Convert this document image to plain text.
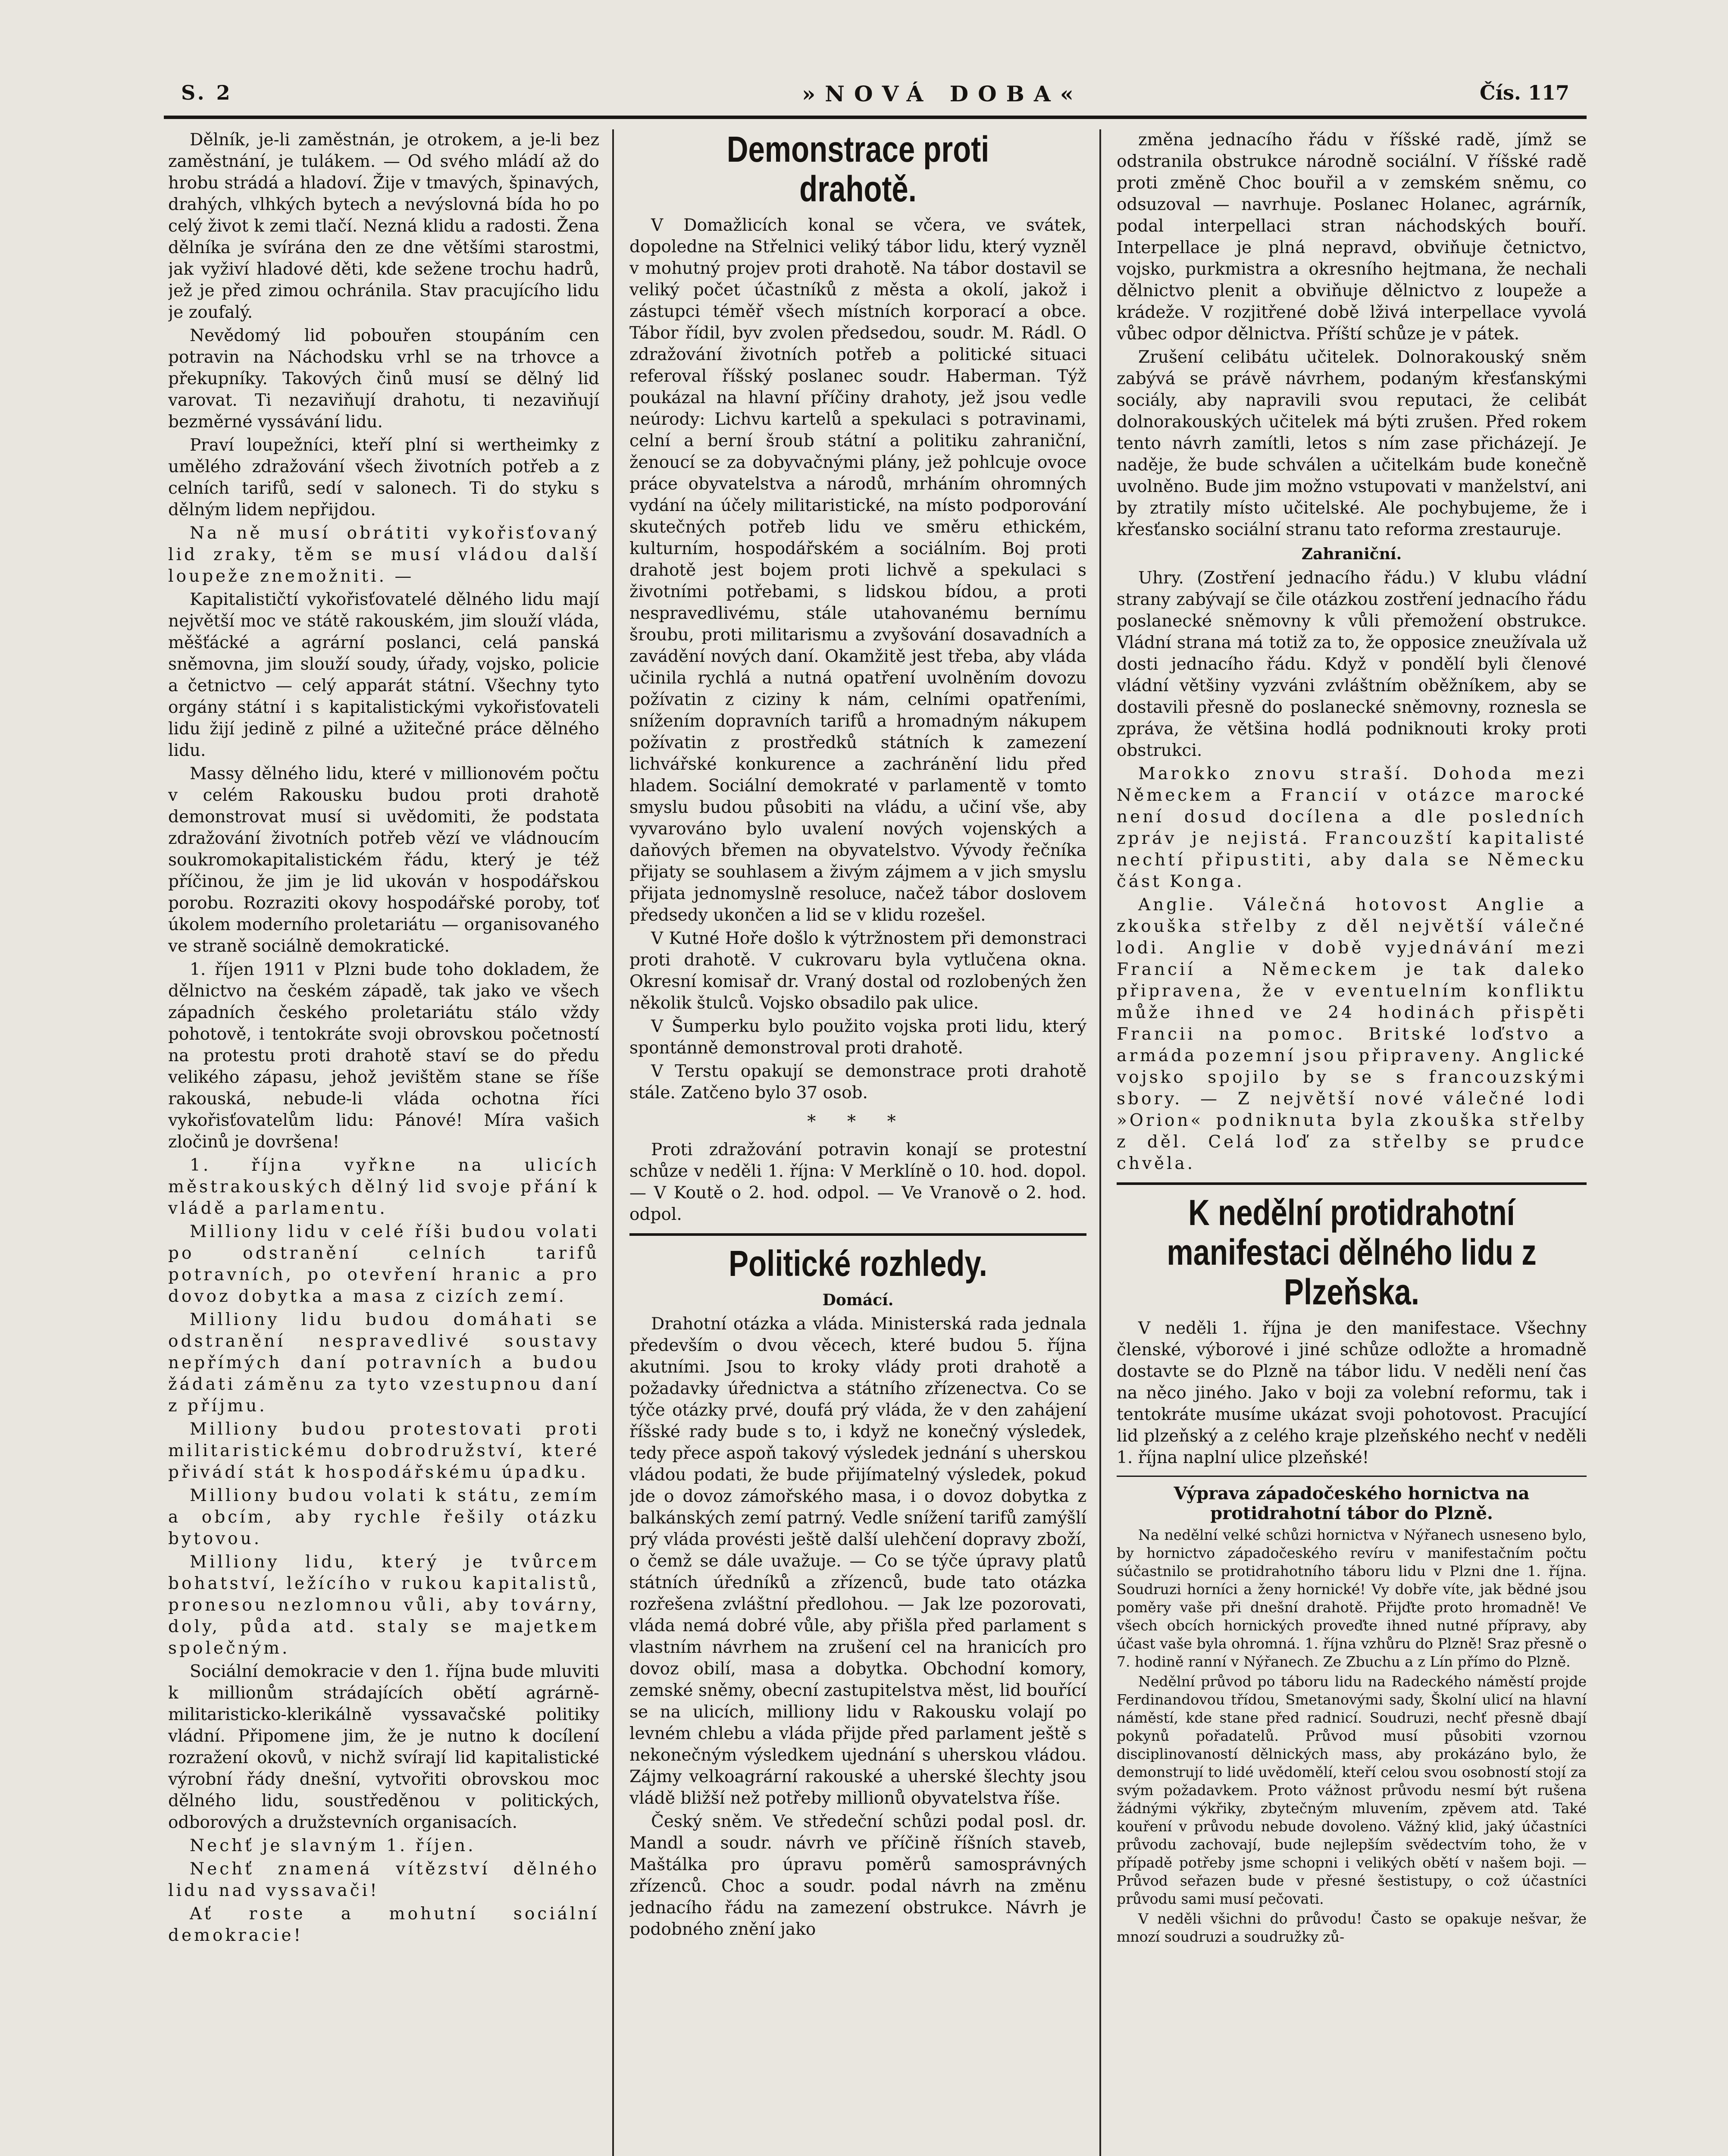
S. 2	»NOVÁ DOBA«	Čís. 117

Dělník, je-li zaměstnán, je otrokem, a je-li bez zaměstnání, je tulákem. — Od svého mládí až do hrobu strádá a hladoví. Žije v tmavých, špinavých, drahých, vlhkých bytech a nevýslovná bída ho po celý život k zemi tlačí. Nezná klidu a radosti. Žena dělníka je svírána den ze dne většími starostmi, jak vyživí hladové děti, kde sežene trochu hadrů, jež je před zimou ochránila. Stav pracujícího lidu je zoufalý.

Nevědomý lid pobouřen stoupáním cen potravin na Náchodsku vrhl se na trhovce a překupníky. Takových činů musí se dělný lid varovat. Ti nezaviňují drahotu, ti nezaviňují bezměrné vyssávání lidu.

Praví loupežníci, kteří plní si wertheimky z umělého zdražování všech životních potřeb a z celních tarifů, sedí v salonech. Ti do styku s dělným lidem nepřijdou.

Na ně musí obrátiti vykořisťovaný lid zraky, těm se musí vládou další loupeže znemožniti. —

Kapitalističtí vykořisťovatelé dělného lidu mají největší moc ve státě rakouském, jim slouží vláda, měšťácké a agrární poslanci, celá panská sněmovna, jim slouží soudy, úřady, vojsko, policie a četnictvo — celý apparát státní. Všechny tyto orgány státní i s kapitalistickými vykořisťovateli lidu žijí jedině z pilné a užitečné práce dělného lidu.

Massy dělného lidu, které v millionovém počtu v celém Rakousku budou proti drahotě demonstrovat musí si uvědomiti, že podstata zdražování životních potřeb vězí ve vládnoucím soukromokapitalistickém řádu, který je též příčinou, že jim je lid ukován v hospodářskou porobu. Rozraziti okovy hospodářské poroby, toť úkolem moderního proletariátu — organisovaného ve straně sociálně demokratické.

1. říjen 1911 v Plzni bude toho dokladem, že dělnictvo na českém západě, tak jako ve všech západních českého proletariátu stálo vždy pohotově, i tentokráte svoji obrovskou početností na protestu proti drahotě staví se do předu velikého zápasu, jehož jevištěm stane se říše rakouská, nebude-li vláda ochotna říci vykořisťovatelům lidu: Pánové! Míra vašich zločinů je dovršena!

1. října vyřkne na ulicích městrakouských dělný lid svoje přání k vládě a parlamentu.

Milliony lidu v celé říši budou volati po odstranění celních tarifů potravních, po otevření hranic a pro dovoz dobytka a masa z cizích zemí.

Milliony lidu budou domáhati se odstranění nespravedlivé soustavy nepřímých daní potravních a budou žádati záměnu za tyto vzestupnou daní z příjmu.

Milliony budou protestovati proti militaristickému dobrodružství, které přivádí stát k hospodářskému úpadku.

Milliony budou volati k státu, zemím a obcím, aby rychle řešily otázku bytovou.

Milliony lidu, který je tvůrcem bohatství, ležícího v rukou kapitalistů, pronesou nezlomnou vůli, aby továrny, doly, půda atd. staly se majetkem společným.

Sociální demokracie v den 1. října bude mluviti k millionům strádajících obětí agrárně-militaristicko-klerikálně vyssavačské politiky vládní. Připomene jim, že je nutno k docílení rozražení okovů, v nichž svírají lid kapitalistické výrobní řády dnešní, vytvořiti obrovskou moc dělného lidu, soustředěnou v politických, odborových a družstevních organisacích.

Nechť je slavným 1. říjen.

Nechť znamená vítězství dělného lidu nad vyssavači!

Ať roste a mohutní sociální demokracie!

Demonstrace proti drahotě.

V Domažlicích konal se včera, ve svátek, dopoledne na Střelnici veliký tábor lidu, který vyzněl v mohutný projev proti drahotě. Na tábor dostavil se veliký počet účastníků z města a okolí, jakož i zástupci téměř všech místních korporací a obce. Tábor řídil, byv zvolen předsedou, soudr. M. Rádl. O zdražování životních potřeb a politické situaci referoval říšský poslanec soudr. Haberman. Týž poukázal na hlavní příčiny drahoty, jež jsou vedle neúrody: Lichvu kartelů a spekulaci s potravinami, celní a berní šroub státní a politiku zahraniční, ženoucí se za dobyvačnými plány, jež pohlcuje ovoce práce obyvatelstva a národů, mrháním ohromných vydání na účely militaristické, na místo podporování skutečných potřeb lidu ve směru ethickém, kulturním, hospodářském a sociálním. Boj proti drahotě jest bojem proti lichvě a spekulaci s životními potřebami, s lidskou bídou, a proti nespravedlivému, stále utahovanému bernímu šroubu, proti militarismu a zvyšování dosavadních a zavádění nových daní. Okamžitě jest třeba, aby vláda učinila rychlá a nutná opatření uvolněním dovozu požívatin z ciziny k nám, celními opatřeními, snížením dopravních tarifů a hromadným nákupem požívatin z prostředků státních k zamezení lichvářské konkurence a zachránění lidu před hladem. Sociální demokraté v parlamentě v tomto smyslu budou působiti na vládu, a učiní vše, aby vyvarováno bylo uvalení nových vojenských a daňových břemen na obyvatelstvo. Vývody řečníka přijaty se souhlasem a živým zájmem a v jich smyslu přijata jednomyslně resoluce, načež tábor doslovem předsedy ukončen a lid se v klidu rozešel.

V Kutné Hoře došlo k výtržnostem při demonstraci proti drahotě. V cukrovaru byla vytlučena okna. Okresní komisař dr. Vraný dostal od rozlobených žen několik štulců. Vojsko obsadilo pak ulice.

V Šumperku bylo použito vojska proti lidu, který spontánně demonstroval proti drahotě.

V Terstu opakují se demonstrace proti drahotě stále. Zatčeno bylo 37 osob.

* * *

Proti zdražování potravin konají se protestní schůze v neděli 1. října: V Merklíně o 10. hod. dopol. — V Koutě o 2. hod. odpol. — Ve Vranově o 2. hod. odpol.

Politické rozhledy.

Domácí.

Drahotní otázka a vláda. Ministerská rada jednala především o dvou věcech, které budou 5. října akutními. Jsou to kroky vlády proti drahotě a požadavky úřednictva a státního zřízenectva. Co se týče otázky prvé, doufá prý vláda, že v den zahájení říšské rady bude s to, i když ne konečný výsledek, tedy přece aspoň takový výsledek jednání s uherskou vládou podati, že bude přijímatelný výsledek, pokud jde o dovoz zámořského masa, i o dovoz dobytka z balkánských zemí patrný. Vedle snížení tarifů zamýšlí prý vláda provésti ještě další ulehčení dopravy zboží, o čemž se dále uvažuje. — Co se týče úpravy platů státních úředníků a zřízenců, bude tato otázka rozřešena zvláštní předlohou. — Jak lze pozorovati, vláda nemá dobré vůle, aby přišla před parlament s vlastním návrhem na zrušení cel na hranicích pro dovoz obilí, masa a dobytka. Obchodní komory, zemské sněmy, obecní zastupitelstva měst, lid bouřící se na ulicích, milliony lidu v Rakousku volají po levném chlebu a vláda přijde před parlament ještě s nekonečným výsledkem ujednání s uherskou vládou. Zájmy velkoagrární rakouské a uherské šlechty jsou vládě bližší než potřeby millionů obyvatelstva říše.

Český sněm. Ve středeční schůzi podal posl. dr. Mandl a soudr. návrh ve příčině říšních staveb, Maštálka pro úpravu poměrů samosprávných zřízenců. Choc a soudr. podal návrh na změnu jednacího řádu na zamezení obstrukce. Návrh je podobného znění jako

změna jednacího řádu v říšské radě, jímž se odstranila obstrukce národně sociální. V říšské radě proti změně Choc bouřil a v zemském sněmu, co odsuzoval — navrhuje. Poslanec Holanec, agrárník, podal interpellaci stran náchodských bouří. Interpellace je plná nepravd, obviňuje četnictvo, vojsko, purkmistra a okresního hejtmana, že nechali dělnictvo plenit a obviňuje dělnictvo z loupeže a krádeže. V rozjitřené době lživá interpellace vyvolá vůbec odpor dělnictva. Příští schůze je v pátek.

Zrušení celibátu učitelek. Dolnorakouský sněm zabývá se právě návrhem, podaným křesťanskými sociály, aby napravili svou reputaci, že celibát dolnorakouských učitelek má býti zrušen. Před rokem tento návrh zamítli, letos s ním zase přicházejí. Je naděje, že bude schválen a učitelkám bude konečně uvolněno. Bude jim možno vstupovati v manželství, ani by ztratily místo učitelské. Ale pochybujeme, že i křesťansko sociální stranu tato reforma zrestauruje.

Zahraniční.

Uhry. (Zostření jednacího řádu.) V klubu vládní strany zabývají se čile otázkou zostření jednacího řádu poslanecké sněmovny k vůli přemožení obstrukce. Vládní strana má totiž za to, že opposice zneužívala už dosti jednacího řádu. Když v pondělí byli členové vládní většiny vyzváni zvláštním oběžníkem, aby se dostavili přesně do poslanecké sněmovny, roznesla se zpráva, že většina hodlá podniknouti kroky proti obstrukci.

Marokko znovu straší. Dohoda mezi Německem a Francií v otázce marocké není dosud docílena a dle posledních zpráv je nejistá. Francouzští kapitalisté nechtí připustiti, aby dala se Německu část Konga.

Anglie. Válečná hotovost Anglie a zkouška střelby z děl největší válečné lodi. Anglie v době vyjednávání mezi Francií a Německem je tak daleko připravena, že v eventuelním konfliktu může ihned ve 24 hodinách přispěti Francii na pomoc. Britské loďstvo a armáda pozemní jsou připraveny. Anglické vojsko spojilo by se s francouzskými sbory. — Z největší nové válečné lodi »Orion« podniknuta byla zkouška střelby z děl. Celá loď za střelby se prudce chvěla.

K nedělní protidrahotní manifestaci dělného lidu z Plzeňska.

V neděli 1. října je den manifestace. Všechny členské, výborové i jiné schůze odložte a hromadně dostavte se do Plzně na tábor lidu. V neděli není čas na něco jiného. Jako v boji za volební reformu, tak i tentokráte musíme ukázat svoji pohotovost. Pracující lid plzeňský a z celého kraje plzeňského nechť v neděli 1. října naplní ulice plzeňské!

Výprava západočeského hornictva na protidrahotní tábor do Plzně.

Na nedělní velké schůzi hornictva v Nýřanech usneseno bylo, by hornictvo západočeského revíru v manifestačním počtu súčastnilo se protidrahotního táboru lidu v Plzni dne 1. října. Soudruzi horníci a ženy hornické! Vy dobře víte, jak bědné jsou poměry vaše při dnešní drahotě. Přijďte proto hromadně! Ve všech obcích hornických proveďte ihned nutné přípravy, aby účast vaše byla ohromná. 1. října vzhůru do Plzně! Sraz přesně o 7. hodině ranní v Nýřanech. Ze Zbuchu a z Lín přímo do Plzně.

Nedělní průvod po táboru lidu na Radeckého náměstí projde Ferdinandovou třídou, Smetanovými sady, Školní ulicí na hlavní náměstí, kde stane před radnicí. Soudruzi, nechť přesně dbají pokynů pořadatelů. Průvod musí působiti vzornou disciplinovaností dělnických mass, aby prokázáno bylo, že demonstrují to lidé uvědomělí, kteří celou svou osobností stojí za svým požadavkem. Proto vážnost průvodu nesmí být rušena žádnými výkřiky, zbytečným mluvením, zpěvem atd. Také kouření v průvodu nebude dovoleno. Vážný klid, jaký účastníci průvodu zachovají, bude nejlepším svědectvím toho, že v případě potřeby jsme schopni i velikých obětí v našem boji. — Průvod seřazen bude v přesné šestistupy, o což účastníci průvodu sami musí pečovati.

V neděli všichni do průvodu! Často se opakuje nešvar, že mnozí soudruzi a soudružky zů-
